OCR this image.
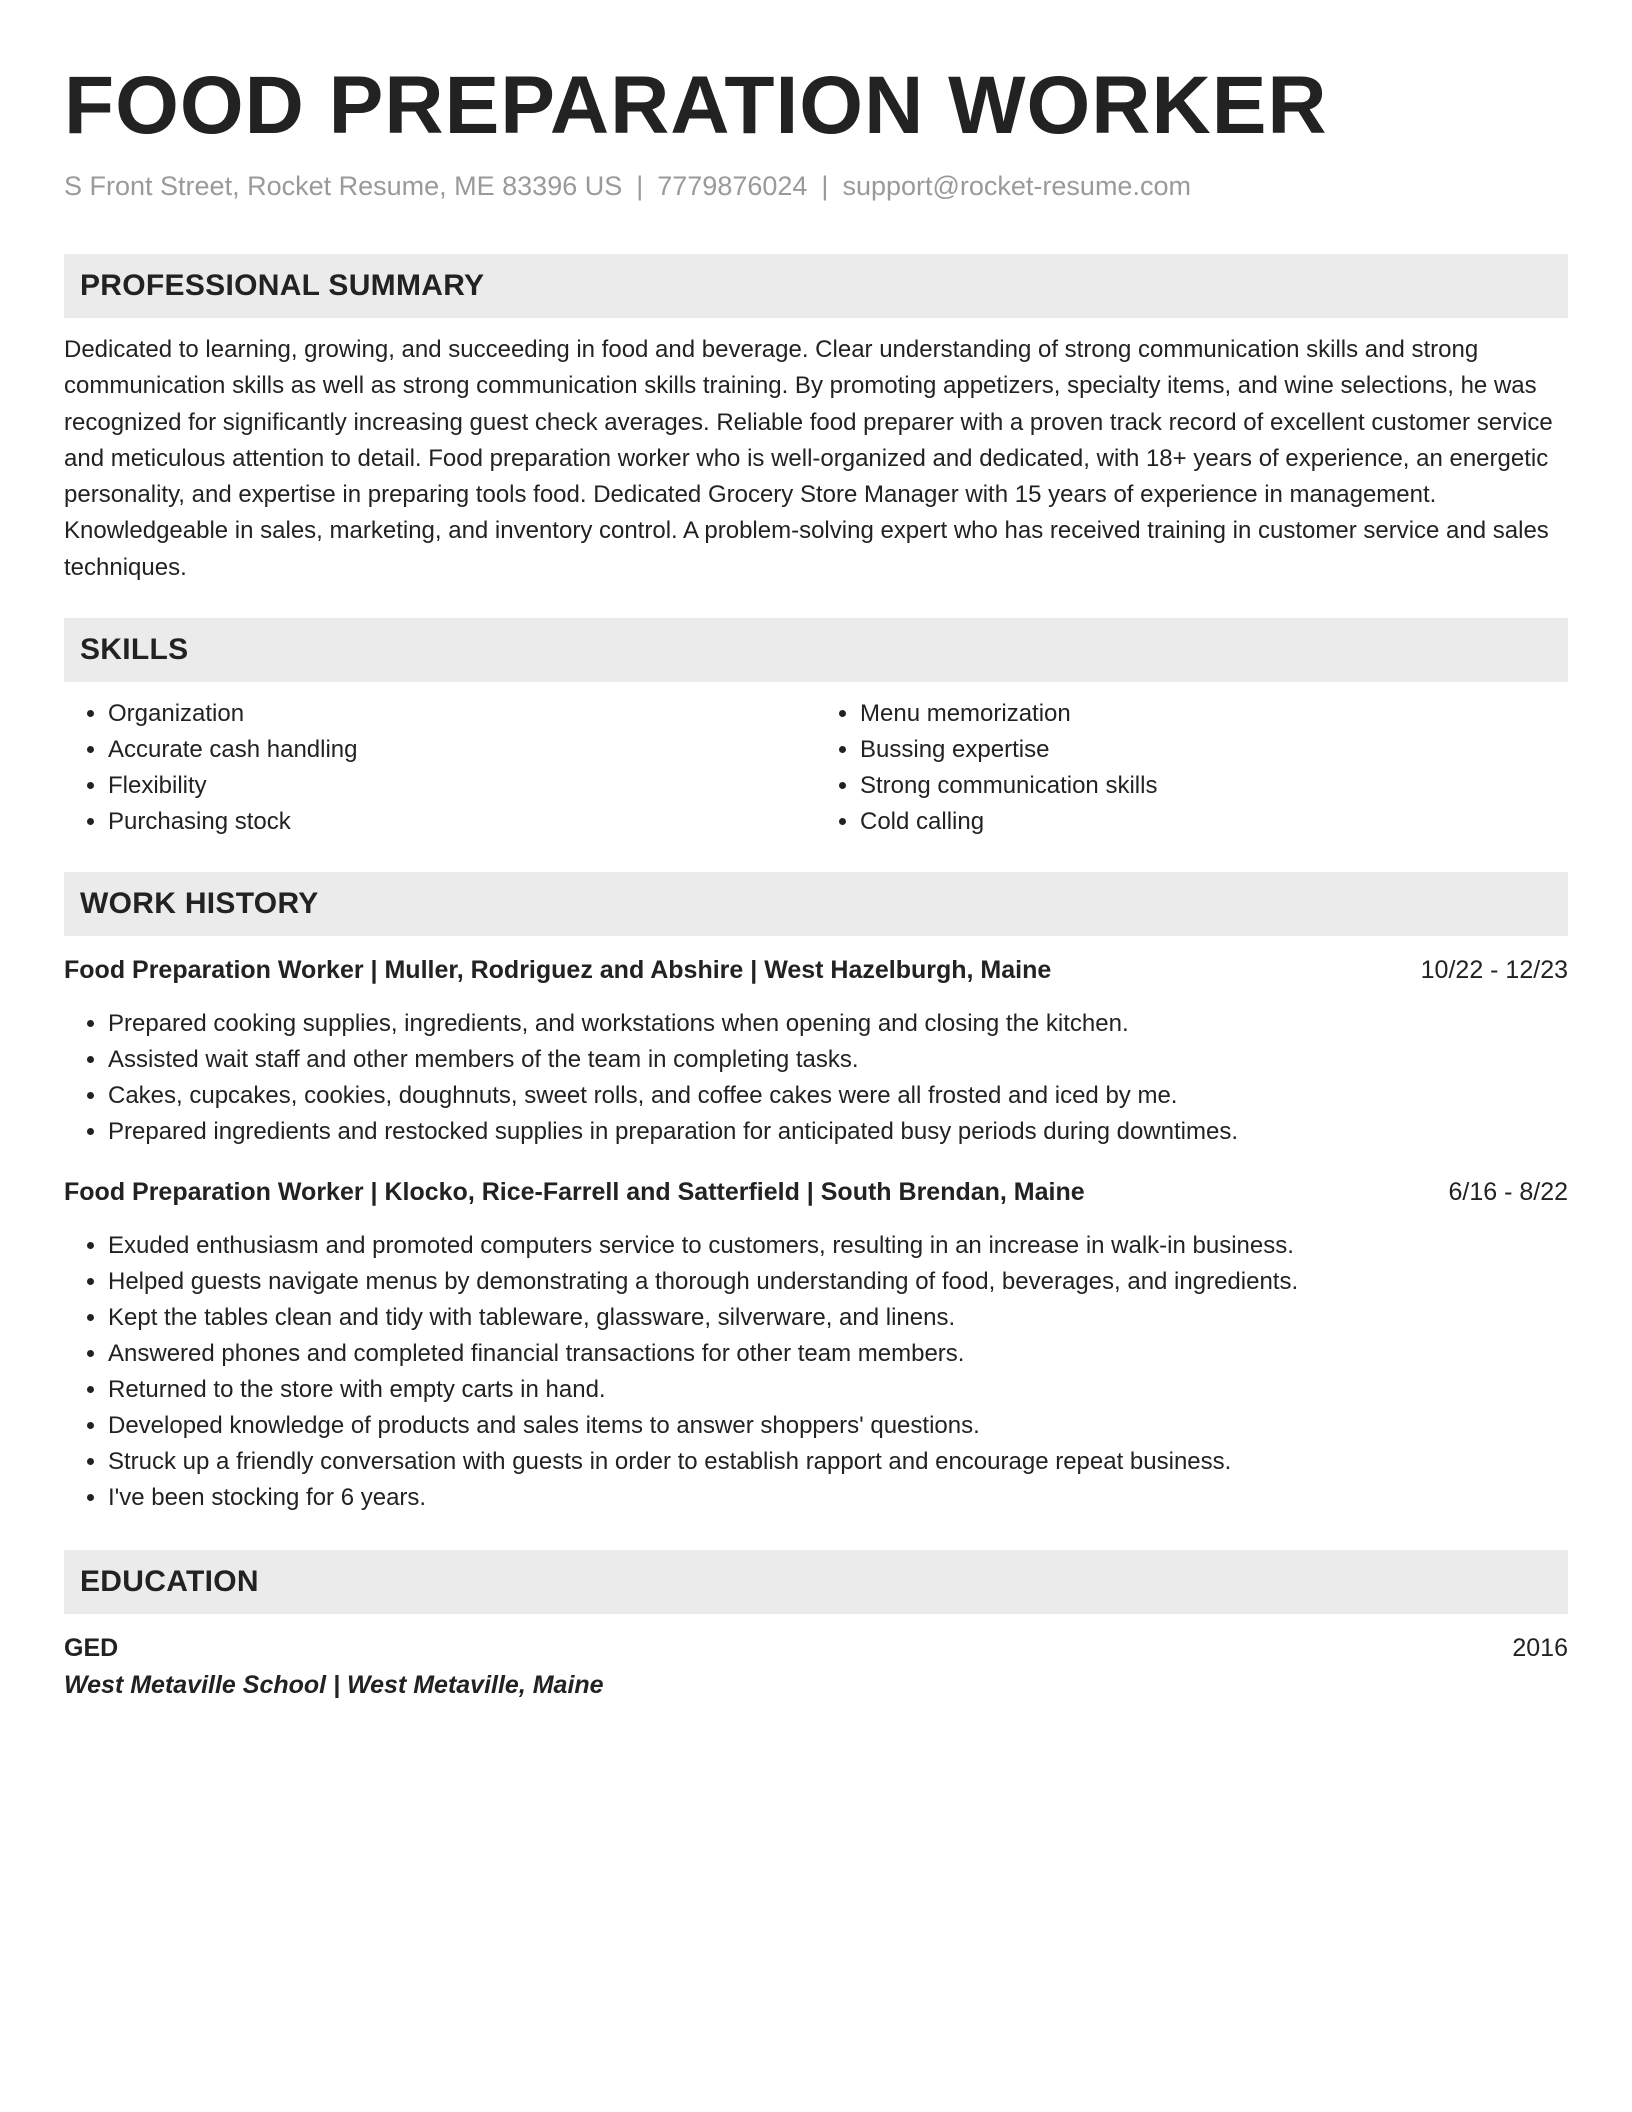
FOOD PREPARATION WORKER
S Front Street, Rocket Resume, ME 83396 US | 7779876024 | support@rocket-resume.com
PROFESSIONAL SUMMARY
Dedicated to learning, growing, and succeeding in food and beverage. Clear understanding of strong communication skills and strong communication skills as well as strong communication skills training. By promoting appetizers, specialty items, and wine selections, he was recognized for significantly increasing guest check averages. Reliable food preparer with a proven track record of excellent customer service and meticulous attention to detail. Food preparation worker who is well-organized and dedicated, with 18+ years of experience, an energetic personality, and expertise in preparing tools food. Dedicated Grocery Store Manager with 15 years of experience in management. Knowledgeable in sales, marketing, and inventory control. A problem-solving expert who has received training in customer service and sales techniques.
SKILLS
• Organization
• Accurate cash handling
• Flexibility
• Purchasing stock
• Menu memorization
• Bussing expertise
• Strong communication skills
• Cold calling
WORK HISTORY
Food Preparation Worker | Muller, Rodriguez and Abshire | West Hazelburgh, Maine	10/22 - 12/23
• Prepared cooking supplies, ingredients, and workstations when opening and closing the kitchen.
• Assisted wait staff and other members of the team in completing tasks.
• Cakes, cupcakes, cookies, doughnuts, sweet rolls, and coffee cakes were all frosted and iced by me.
• Prepared ingredients and restocked supplies in preparation for anticipated busy periods during downtimes.
Food Preparation Worker | Klocko, Rice-Farrell and Satterfield | South Brendan, Maine	6/16 - 8/22
• Exuded enthusiasm and promoted computers service to customers, resulting in an increase in walk-in business.
• Helped guests navigate menus by demonstrating a thorough understanding of food, beverages, and ingredients.
• Kept the tables clean and tidy with tableware, glassware, silverware, and linens.
• Answered phones and completed financial transactions for other team members.
• Returned to the store with empty carts in hand.
• Developed knowledge of products and sales items to answer shoppers' questions.
• Struck up a friendly conversation with guests in order to establish rapport and encourage repeat business.
• I've been stocking for 6 years.
EDUCATION
GED	2016
West Metaville School | West Metaville, Maine
